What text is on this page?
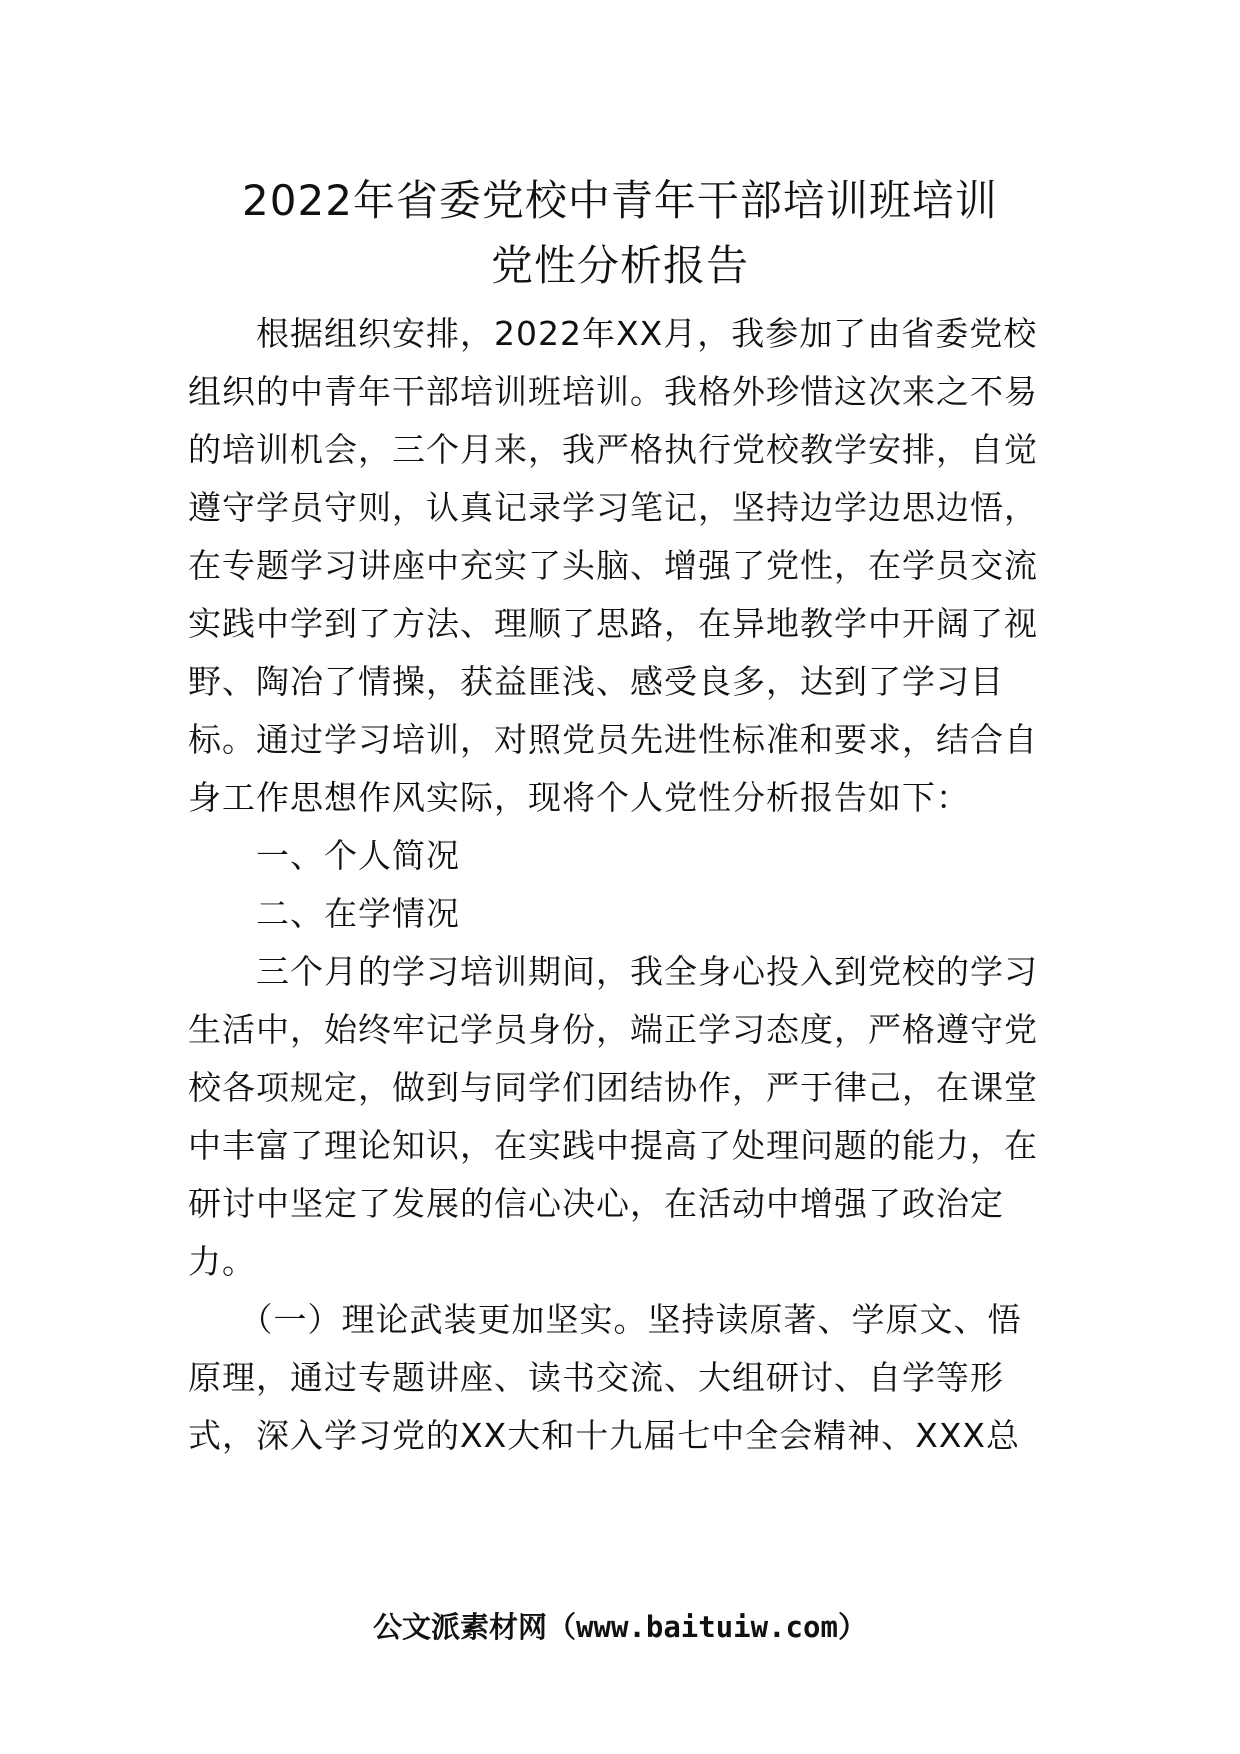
2022年省委党校中青年干部培训班培训
党性分析报告
　　根据组织安排，2022年XX月，我参加了由省委党校
组织的中青年干部培训班培训。我格外珍惜这次来之不易
的培训机会，三个月来，我严格执行党校教学安排，自觉
遵守学员守则，认真记录学习笔记，坚持边学边思边悟，
在专题学习讲座中充实了头脑、增强了党性，在学员交流
实践中学到了方法、理顺了思路，在异地教学中开阔了视
野、陶冶了情操，获益匪浅、感受良多，达到了学习目
标。通过学习培训，对照党员先进性标准和要求，结合自
身工作思想作风实际，现将个人党性分析报告如下：
　　一、个人简况
　　二、在学情况
　　三个月的学习培训期间，我全身心投入到党校的学习
生活中，始终牢记学员身份，端正学习态度，严格遵守党
校各项规定，做到与同学们团结协作，严于律己，在课堂
中丰富了理论知识，在实践中提高了处理问题的能力，在
研讨中坚定了发展的信心决心，在活动中增强了政治定
力。
　　（一）理论武装更加坚实。坚持读原著、学原文、悟
原理，通过专题讲座、读书交流、大组研讨、自学等形
式，深入学习党的XX大和十九届七中全会精神、XXX总
公文派素材网（www.baituiw.com）
